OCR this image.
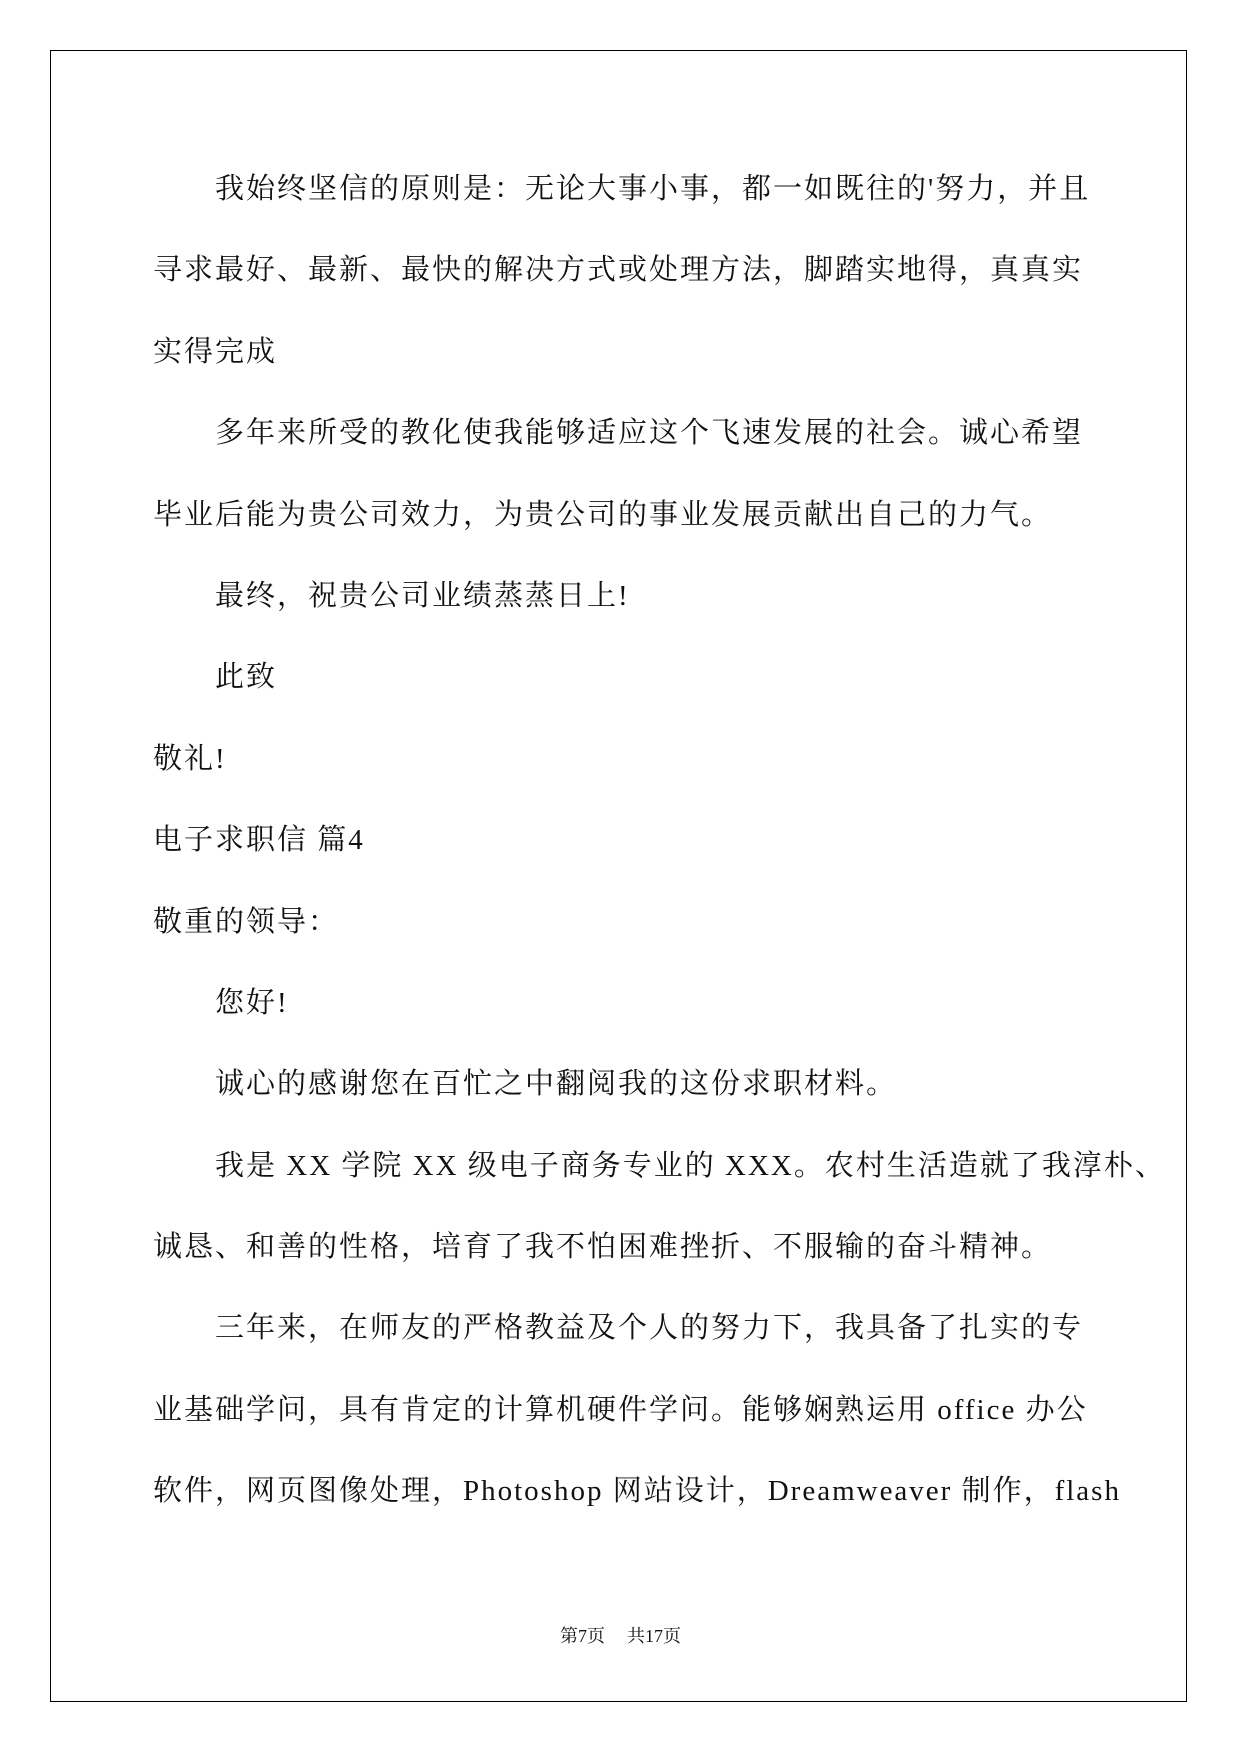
我始终坚信的原则是：无论大事小事，都一如既往的'努力，并且
寻求最好、最新、最快的解决方式或处理方法，脚踏实地得，真真实
实得完成
多年来所受的教化使我能够适应这个飞速发展的社会。诚心希望
毕业后能为贵公司效力，为贵公司的事业发展贡献出自己的力气。
最终，祝贵公司业绩蒸蒸日上!
此致
敬礼!
电子求职信 篇4
敬重的领导：
您好!
诚心的感谢您在百忙之中翻阅我的这份求职材料。
我是 XX 学院 XX 级电子商务专业的 XXX。农村生活造就了我淳朴、
诚恳、和善的性格，培育了我不怕困难挫折、不服输的奋斗精神。
三年来，在师友的严格教益及个人的努力下，我具备了扎实的专
业基础学问，具有肯定的计算机硬件学问。能够娴熟运用 office 办公
软件，网页图像处理，Photoshop 网站设计，Dreamweaver 制作，flash
第7页 共17页
